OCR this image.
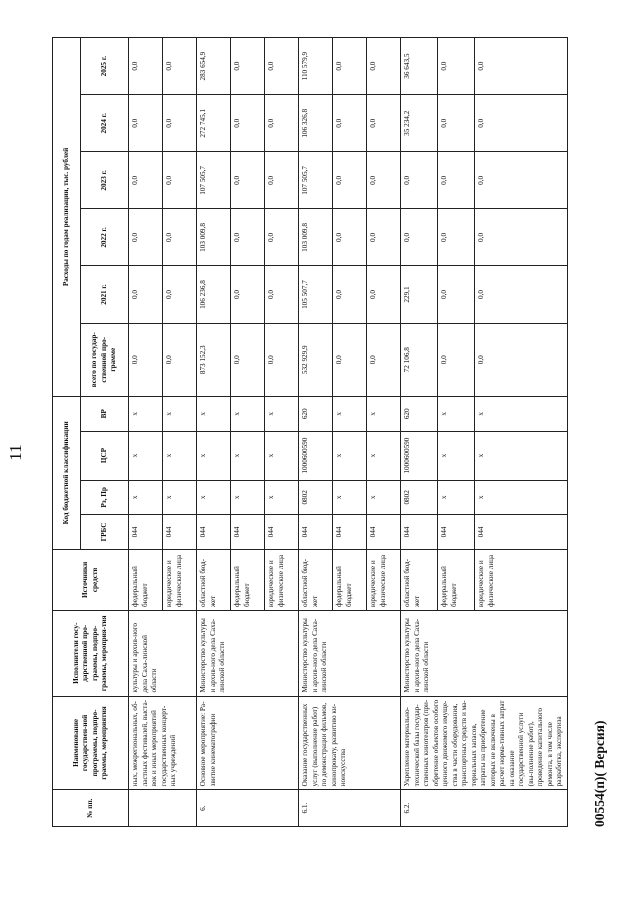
11
№ пп.	Наименование государствен-ной программы, подпро-граммы, мероприятия	Исполнители госу-дарственной про-граммы, подпро-граммы, мероприя-тия	Источники средств	Код бюджетной классификации				Расходы по годам реализации, тыс. рублей					
				ГРБС	Рз, Пр	ЦСР	ВР	всего по государ-ственной про-грамме	2021 г.	2022 г.	2023 г.	2024 г.	2025 г.
	ных, межрегиональных, об-ластных фестивалей, выста-вок и иных мероприятий государственных концерт-ных учреждений	культуры и архив-ного дела Саха-линской области	федеральный бюджет	044	x	x	x	0,0	0,0	0,0	0,0	0,0	0,0
			юридические и физические лица	044	x	x	x	0,0	0,0	0,0	0,0	0,0	0,0
6.	Основное мероприятие: Ра-звитие кинематографии	Министерство культуры и архив-ного дела Саха-линской области	областной бюд-жет	044	x	x	x	873 152,3	106 236,8	103 009,8	107 505,7	272 745,1	283 654,9
			федеральный бюджет	044	x	x	x	0,0	0,0	0,0	0,0	0,0	0,0
			юридические и физические лица	044	x	x	x	0,0	0,0	0,0	0,0	0,0	0,0
6.1.	Оказание государственных услуг (выполнение работ) по демонстрации фильмов, кинопрокату, развитию ки-ноискусства	Министерство культуры и архив-ного дела Саха-линской области	областной бюд-жет	044	0802	1000600590	620	532 929,9	105 507,7	103 009,8	107 505,7	106 326,8	110 579,9
			федеральный бюджет	044	x	x	x	0,0	0,0	0,0	0,0	0,0	0,0
			юридические и физические лица	044	x	x	x	0,0	0,0	0,0	0,0	0,0	0,0
6.2.	Укрепление материально-технической базы государ-ственных кинотеатров (при-обретение объектов особого ценного движимого имуще-ства в части оборудования, транспортных средств и ма-териальных запасов, затраты на приобретение которых не включены в расчет норма-тивных затрат на оказание государственной услуги (вы-полнение работ), проведение капитального ремонта, в том числе разработка, экспертиза	Министерство культуры и архив-ного дела Саха-линской области	областной бюд-жет	044	0802	1000600590	620	72 106,8	229,1	0,0	0,0	35 234,2	36 643,5
			федеральный бюджет	044	x	x	x	0,0	0,0	0,0	0,0	0,0	0,0
			юридические и физические лица	044	x	x	x	0,0	0,0	0,0	0,0	0,0	0,0
00554(п)( Версия)
